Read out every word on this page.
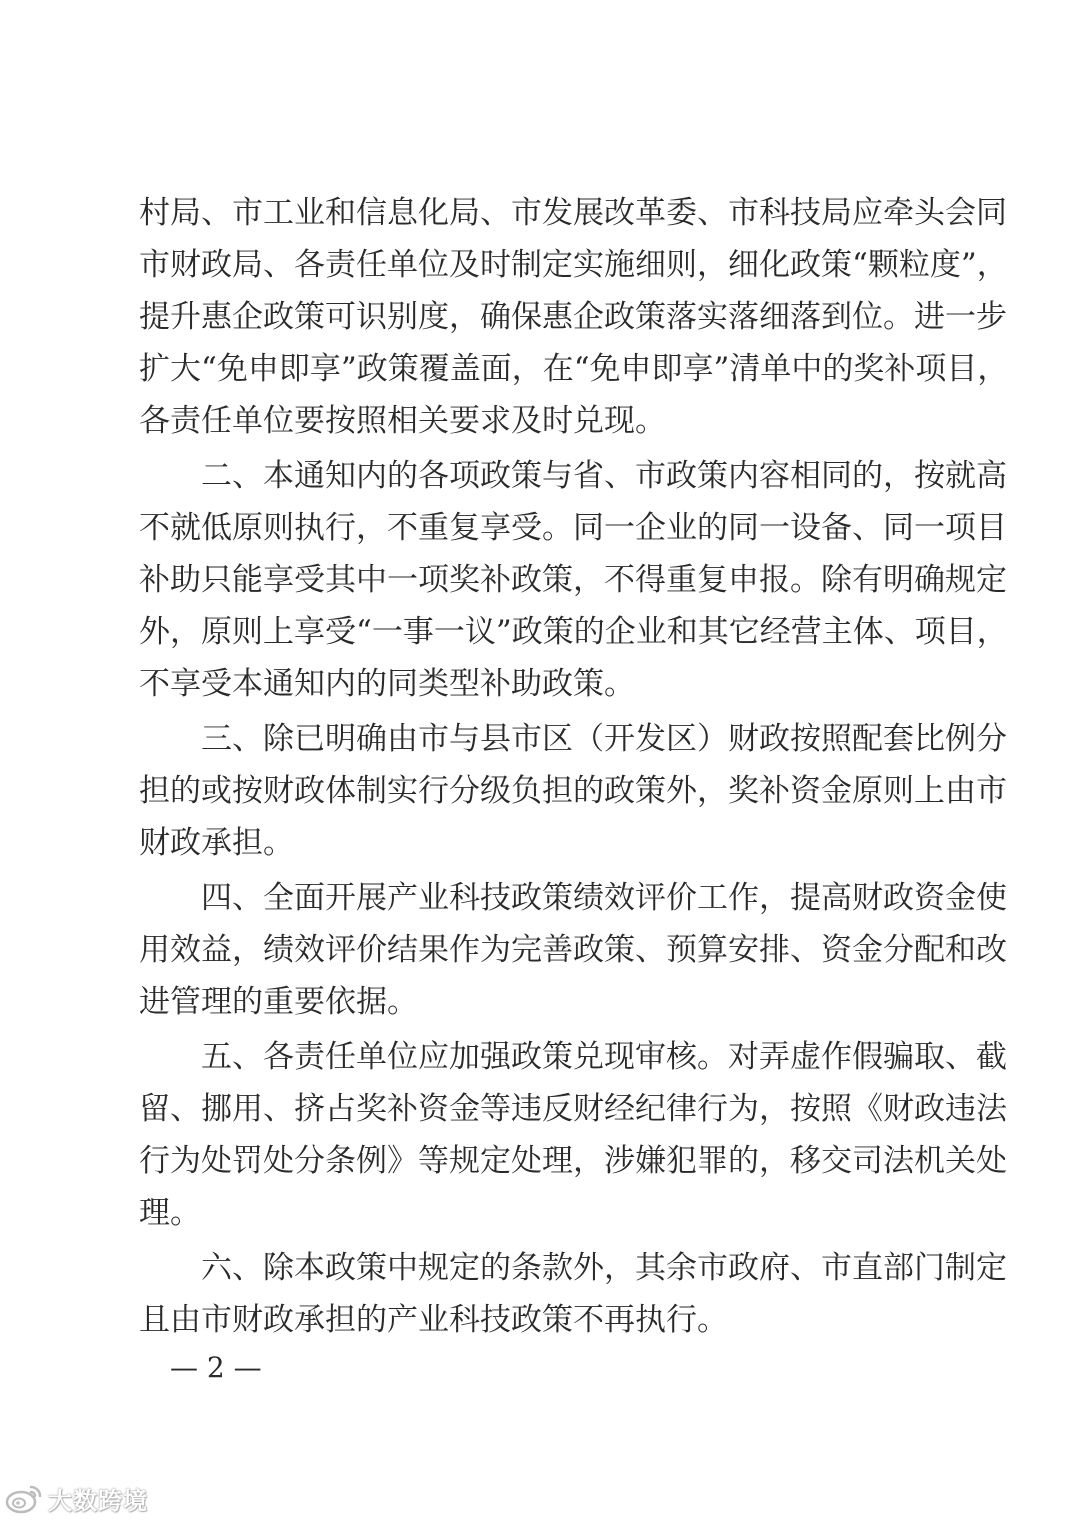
村局、市工业和信息化局、市发展改革委、市科技局应牵头会同
市财政局、各责任单位及时制定实施细则，细化政策“颗粒度”，
提升惠企政策可识别度，确保惠企政策落实落细落到位。进一步
扩大“免申即享”政策覆盖面，在“免申即享”清单中的奖补项目，
各责任单位要按照相关要求及时兑现。
二、本通知内的各项政策与省、市政策内容相同的，按就高
不就低原则执行，不重复享受。同一企业的同一设备、同一项目
补助只能享受其中一项奖补政策，不得重复申报。除有明确规定
外，原则上享受“一事一议”政策的企业和其它经营主体、项目，
不享受本通知内的同类型补助政策。
三、除已明确由市与县市区（开发区）财政按照配套比例分
担的或按财政体制实行分级负担的政策外，奖补资金原则上由市
财政承担。
四、全面开展产业科技政策绩效评价工作，提高财政资金使
用效益，绩效评价结果作为完善政策、预算安排、资金分配和改
进管理的重要依据。
五、各责任单位应加强政策兑现审核。对弄虚作假骗取、截
留、挪用、挤占奖补资金等违反财经纪律行为，按照《财政违法
行为处罚处分条例》等规定处理，涉嫌犯罪的，移交司法机关处
理。
六、除本政策中规定的条款外，其余市政府、市直部门制定
且由市财政承担的产业科技政策不再执行。
— 2 —
大数跨境
